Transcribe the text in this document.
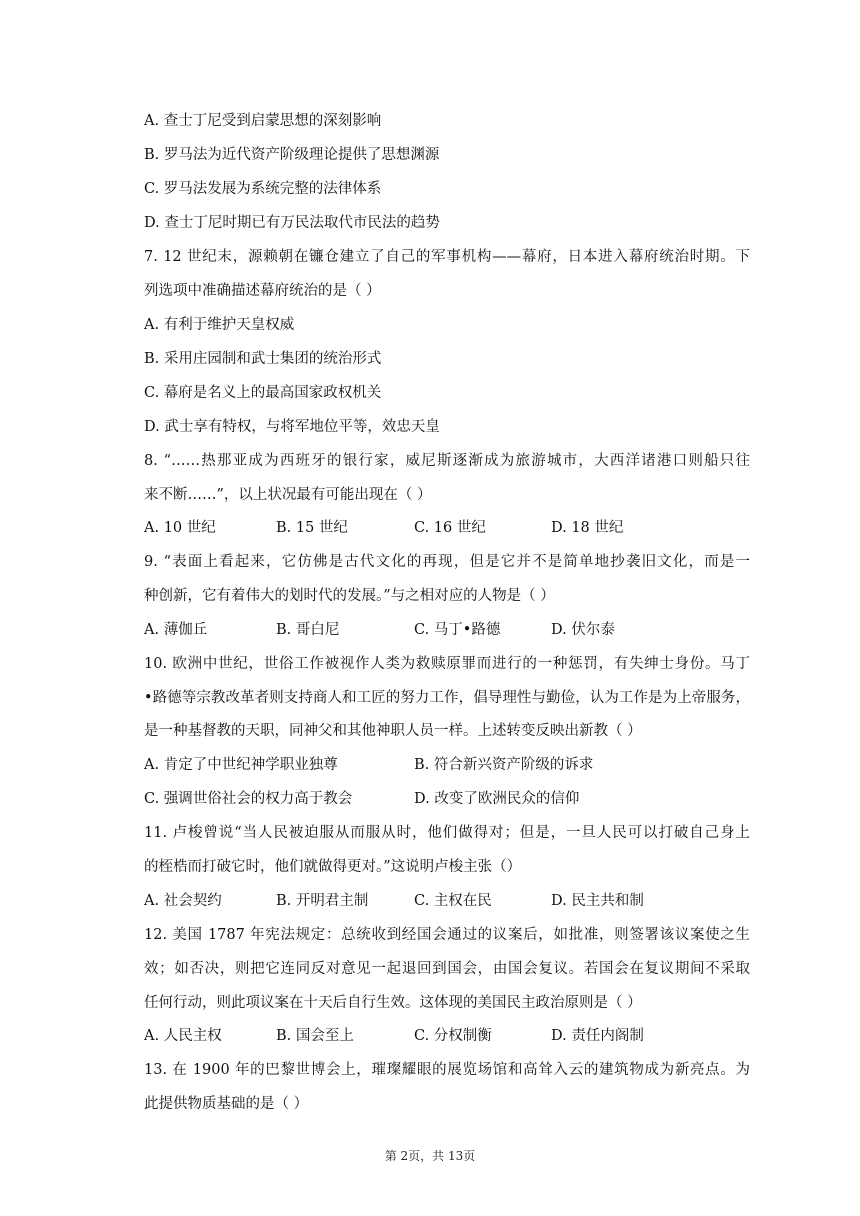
A. 查士丁尼受到启蒙思想的深刻影响
B. 罗马法为近代资产阶级理论提供了思想渊源
C. 罗马法发展为系统完整的法律体系
D. 查士丁尼时期已有万民法取代市民法的趋势
7. 12 世纪末，源赖朝在镰仓建立了自己的军事机构——幕府，日本进入幕府统治时期。下
列选项中准确描述幕府统治的是（ ）
A. 有利于维护天皇权威
B. 采用庄园制和武士集团的统治形式
C. 幕府是名义上的最高国家政权机关
D. 武士享有特权，与将军地位平等，效忠天皇
8. “……热那亚成为西班牙的银行家，威尼斯逐渐成为旅游城市，大西洋诸港口则船只往
来不断……”，以上状况最有可能出现在（ ）
A. 10 世纪	B. 15 世纪	C. 16 世纪	D. 18 世纪
9. “表面上看起来，它仿佛是古代文化的再现，但是它并不是简单地抄袭旧文化，而是一
种创新，它有着伟大的划时代的发展。”与之相对应的人物是（ ）
A. 薄伽丘	B. 哥白尼	C. 马丁•路德	D. 伏尔泰
10. 欧洲中世纪，世俗工作被视作人类为救赎原罪而进行的一种惩罚，有失绅士身份。马丁
•路德等宗教改革者则支持商人和工匠的努力工作，倡导理性与勤俭，认为工作是为上帝服务，
是一种基督教的天职，同神父和其他神职人员一样。上述转变反映出新教（ ）
A. 肯定了中世纪神学职业独尊	B. 符合新兴资产阶级的诉求
C. 强调世俗社会的权力高于教会	D. 改变了欧洲民众的信仰
11. 卢梭曾说“当人民被迫服从而服从时，他们做得对；但是，一旦人民可以打破自己身上
的桎梏而打破它时，他们就做得更对。”这说明卢梭主张（）
A. 社会契约	B. 开明君主制	C. 主权在民	D. 民主共和制
12. 美国 1787 年宪法规定：总统收到经国会通过的议案后，如批准，则签署该议案使之生
效；如否决，则把它连同反对意见一起退回到国会，由国会复议。若国会在复议期间不采取
任何行动，则此项议案在十天后自行生效。这体现的美国民主政治原则是（ ）
A. 人民主权	B. 国会至上	C. 分权制衡	D. 责任内阁制
13. 在 1900 年的巴黎世博会上，璀璨耀眼的展览场馆和高耸入云的建筑物成为新亮点。为
此提供物质基础的是（ ）
第 2页，共 13页
